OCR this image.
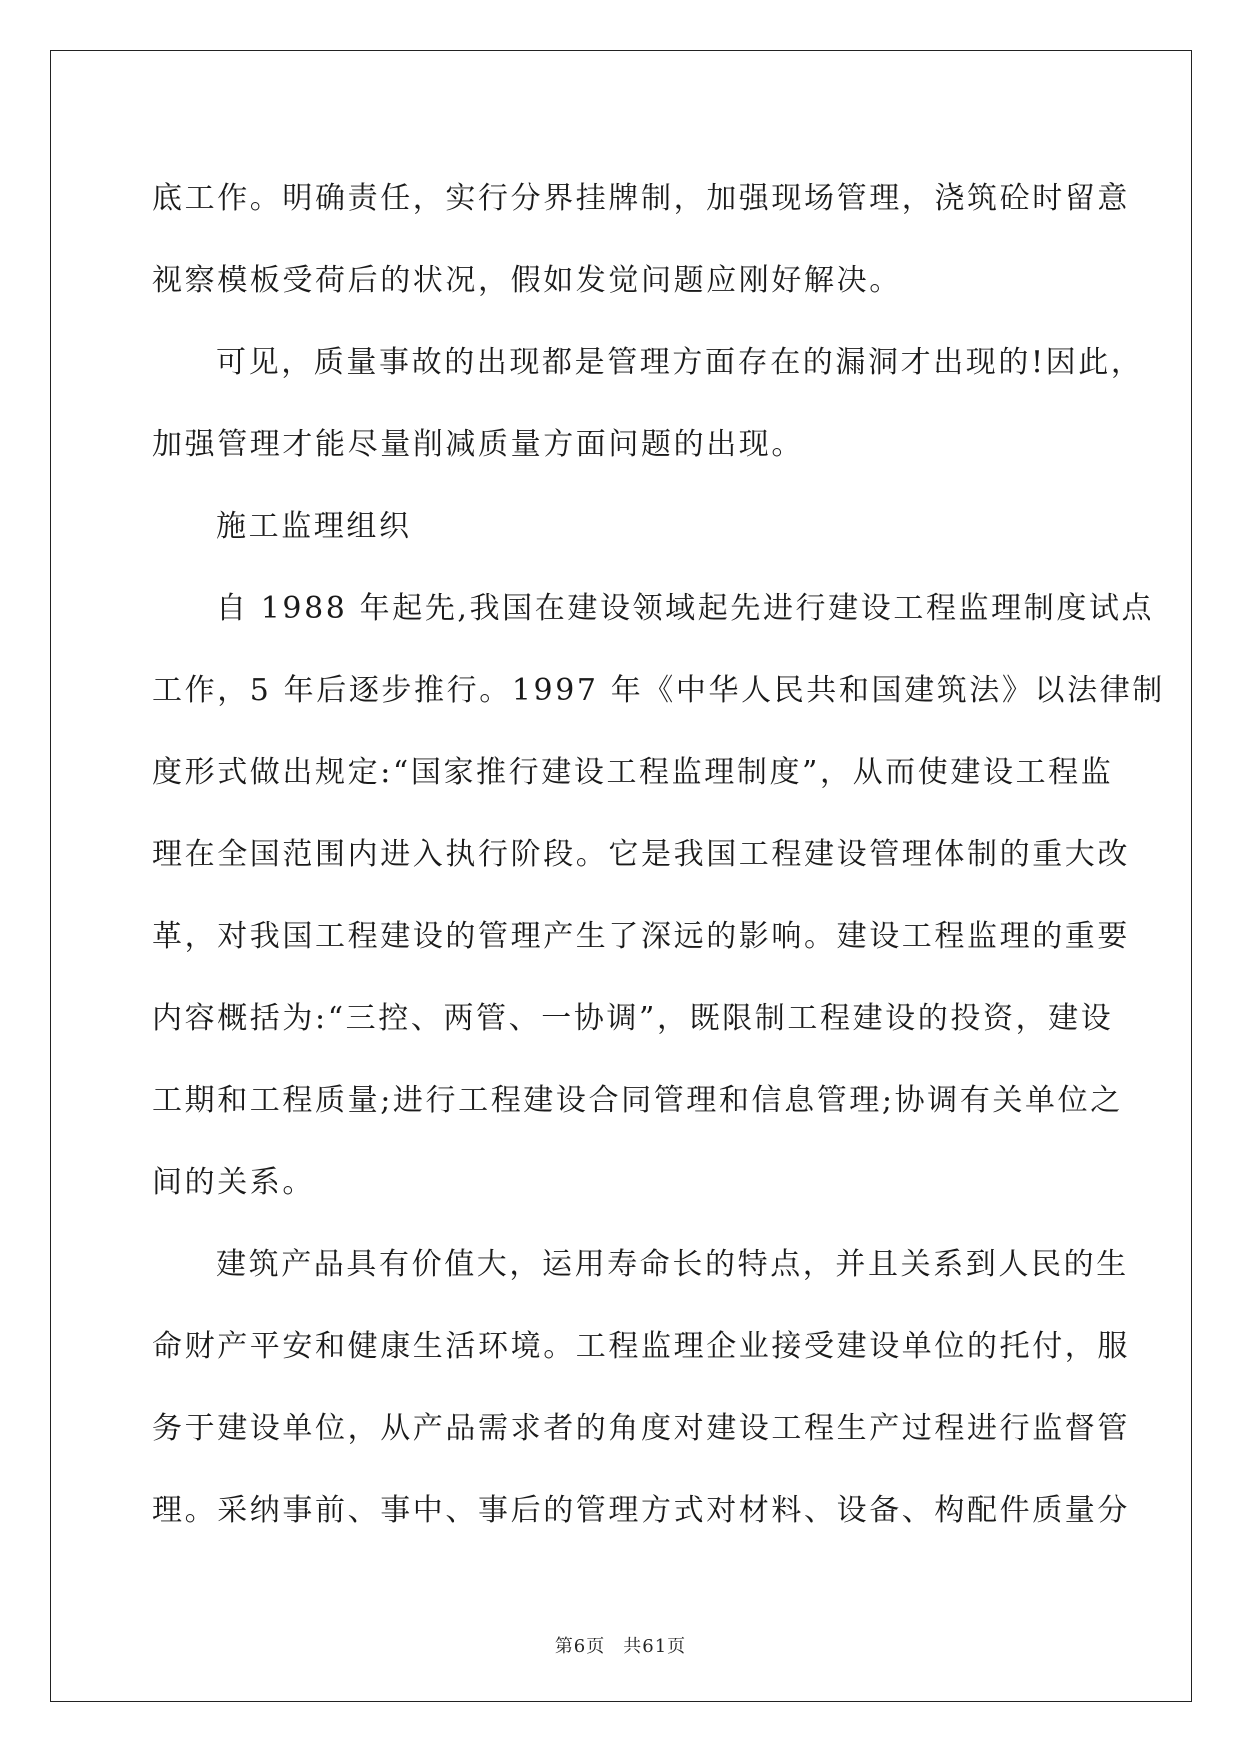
底工作。明确责任，实行分界挂牌制，加强现场管理，浇筑砼时留意

视察模板受荷后的状况，假如发觉问题应刚好解决。

可见，质量事故的出现都是管理方面存在的漏洞才出现的!因此，

加强管理才能尽量削减质量方面问题的出现。

施工监理组织

自 1988 年起先,我国在建设领域起先进行建设工程监理制度试点

工作，5 年后逐步推行。1997 年《中华人民共和国建筑法》以法律制

度形式做出规定:“国家推行建设工程监理制度”，从而使建设工程监

理在全国范围内进入执行阶段。它是我国工程建设管理体制的重大改

革，对我国工程建设的管理产生了深远的影响。建设工程监理的重要

内容概括为:“三控、两管、一协调”，既限制工程建设的投资，建设

工期和工程质量;进行工程建设合同管理和信息管理;协调有关单位之

间的关系。

建筑产品具有价值大，运用寿命长的特点，并且关系到人民的生

命财产平安和健康生活环境。工程监理企业接受建设单位的托付，服

务于建设单位，从产品需求者的角度对建设工程生产过程进行监督管

理。采纳事前、事中、事后的管理方式对材料、设备、构配件质量分

第6页 共61页
